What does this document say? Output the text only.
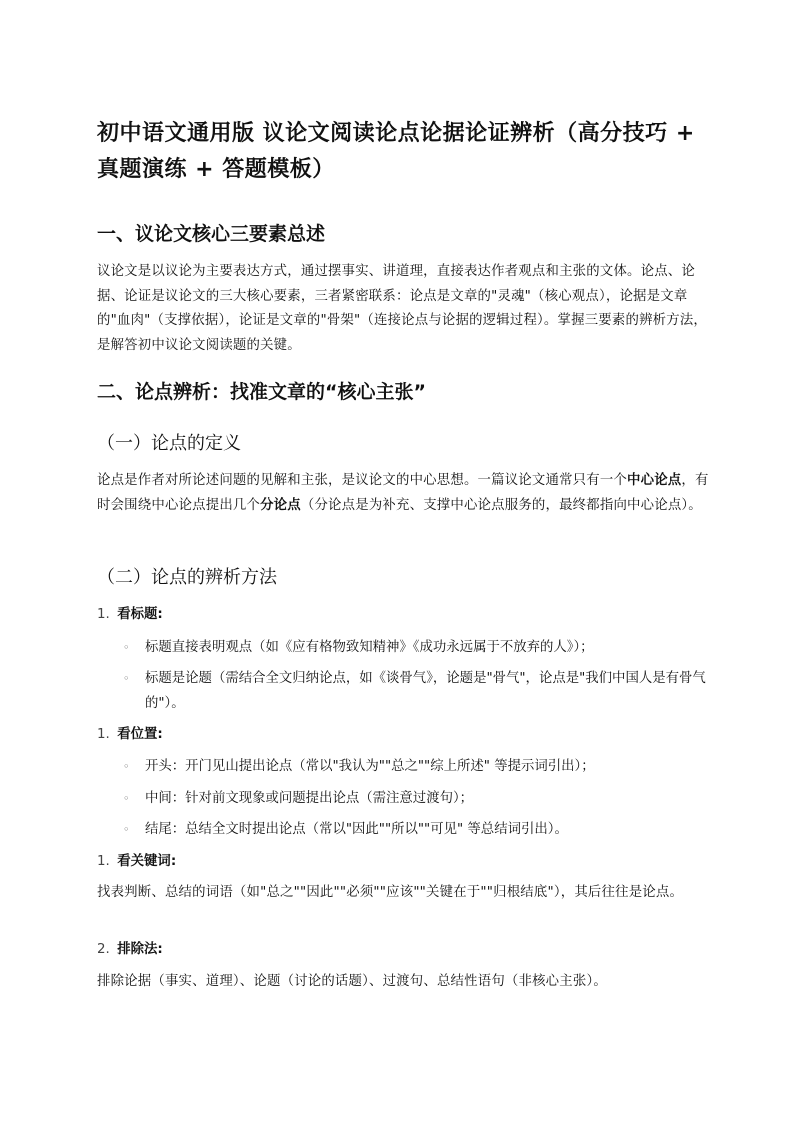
初中语文通用版 议论文阅读论点论据论证辨析（高分技巧 + 真题演练 + 答题模板）
一、议论文核心三要素总述

议论文是以议论为主要表达方式，通过摆事实、讲道理，直接表达作者观点和主张的文体。论点、论据、论证是议论文的三大核心要素，三者紧密联系：论点是文章的"灵魂"（核心观点），论据是文章的"血肉"（支撑依据），论证是文章的"骨架"（连接论点与论据的逻辑过程）。掌握三要素的辨析方法，是解答初中议论文阅读题的关键。

二、论点辨析：找准文章的“核心主张”
（一）论点的定义

论点是作者对所论述问题的见解和主张，是议论文的中心思想。一篇议论文通常只有一个中心论点，有时会围绕中心论点提出几个分论点（分论点是为补充、支撑中心论点服务的，最终都指向中心论点）。

（二）论点的辨析方法
1. 看标题:
◦ 标题直接表明观点（如《应有格物致知精神》《成功永远属于不放弃的人》）；
◦ 标题是论题（需结合全文归纳论点，如《谈骨气》，论题是"骨气"，论点是"我们中国人是有骨气的"）。
1. 看位置:
◦ 开头：开门见山提出论点（常以"我认为""总之""综上所述" 等提示词引出）；
◦ 中间：针对前文现象或问题提出论点（需注意过渡句）；
◦ 结尾：总结全文时提出论点（常以"因此""所以""可见" 等总结词引出）。
1. 看关键词:

找表判断、总结的词语（如"总之""因此""必须""应该""关键在于""归根结底"），其后往往是论点。

2. 排除法:

排除论据（事实、道理）、论题（讨论的话题）、过渡句、总结性语句（非核心主张）。
